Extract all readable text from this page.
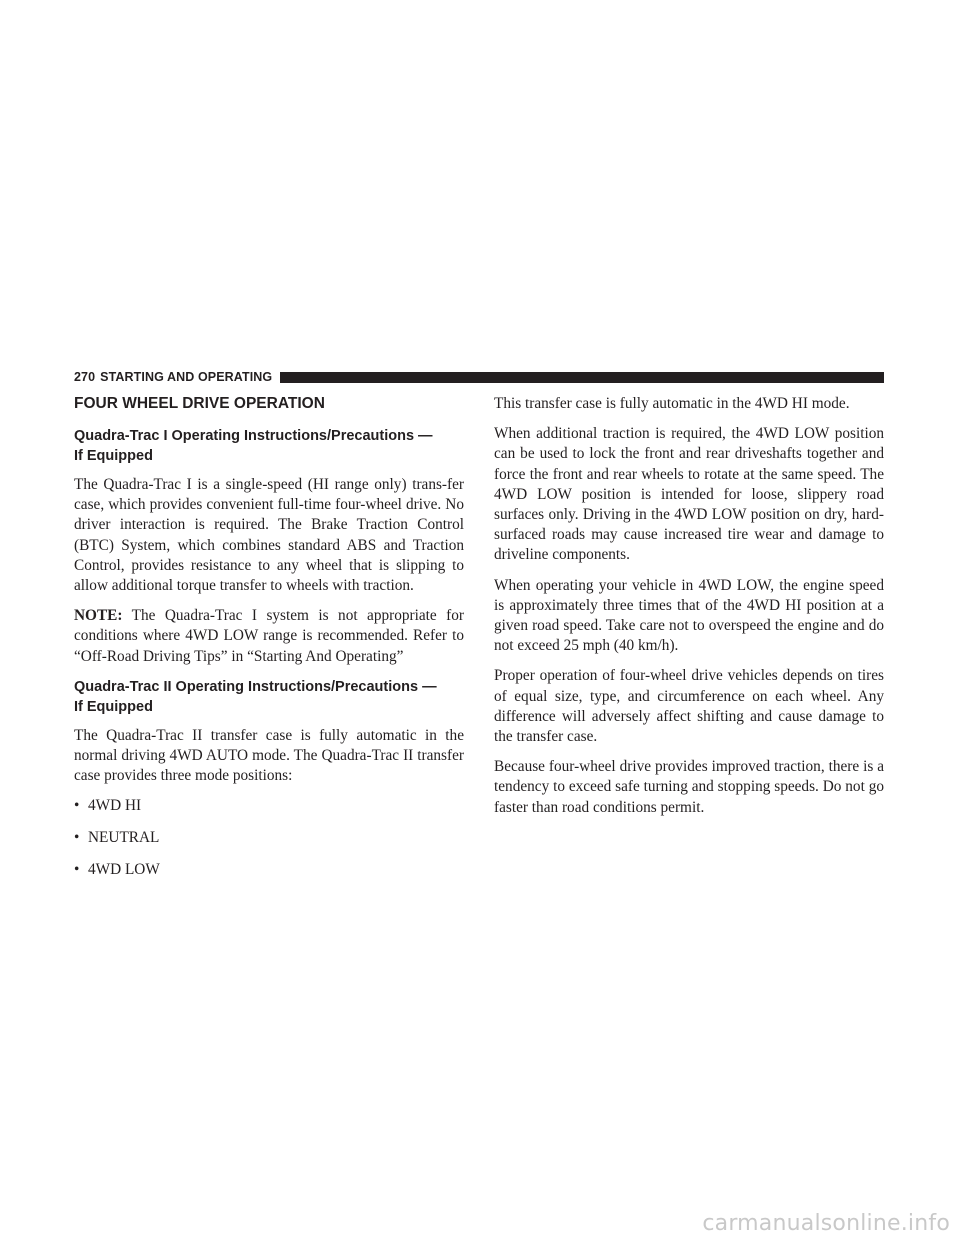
270 STARTING AND OPERATING
FOUR WHEEL DRIVE OPERATION
Quadra-Trac I Operating Instructions/Precautions —
If Equipped

The Quadra-Trac I is a single-speed (HI range only) trans-fer case, which provides convenient full-time four-wheel drive. No driver interaction is required. The Brake Traction Control (BTC) System, which combines standard ABS and Traction Control, provides resistance to any wheel that is slipping to allow additional torque transfer to wheels with traction.

NOTE: The Quadra-Trac I system is not appropriate for conditions where 4WD LOW range is recommended. Refer to “Off-Road Driving Tips” in “Starting And Operating”

Quadra-Trac II Operating Instructions/Precautions —
If Equipped

The Quadra-Trac II transfer case is fully automatic in the normal driving 4WD AUTO mode. The Quadra-Trac II transfer case provides three mode positions:

• 4WD HI
• NEUTRAL
• 4WD LOW

This transfer case is fully automatic in the 4WD HI mode.

When additional traction is required, the 4WD LOW position can be used to lock the front and rear driveshafts together and force the front and rear wheels to rotate at the same speed. The 4WD LOW position is intended for loose, slippery road surfaces only. Driving in the 4WD LOW position on dry, hard-surfaced roads may cause increased tire wear and damage to driveline components.

When operating your vehicle in 4WD LOW, the engine speed is approximately three times that of the 4WD HI position at a given road speed. Take care not to overspeed the engine and do not exceed 25 mph (40 km/h).

Proper operation of four-wheel drive vehicles depends on tires of equal size, type, and circumference on each wheel. Any difference will adversely affect shifting and cause damage to the transfer case.

Because four-wheel drive provides improved traction, there is a tendency to exceed safe turning and stopping speeds. Do not go faster than road conditions permit.

carmanualsonline.info
